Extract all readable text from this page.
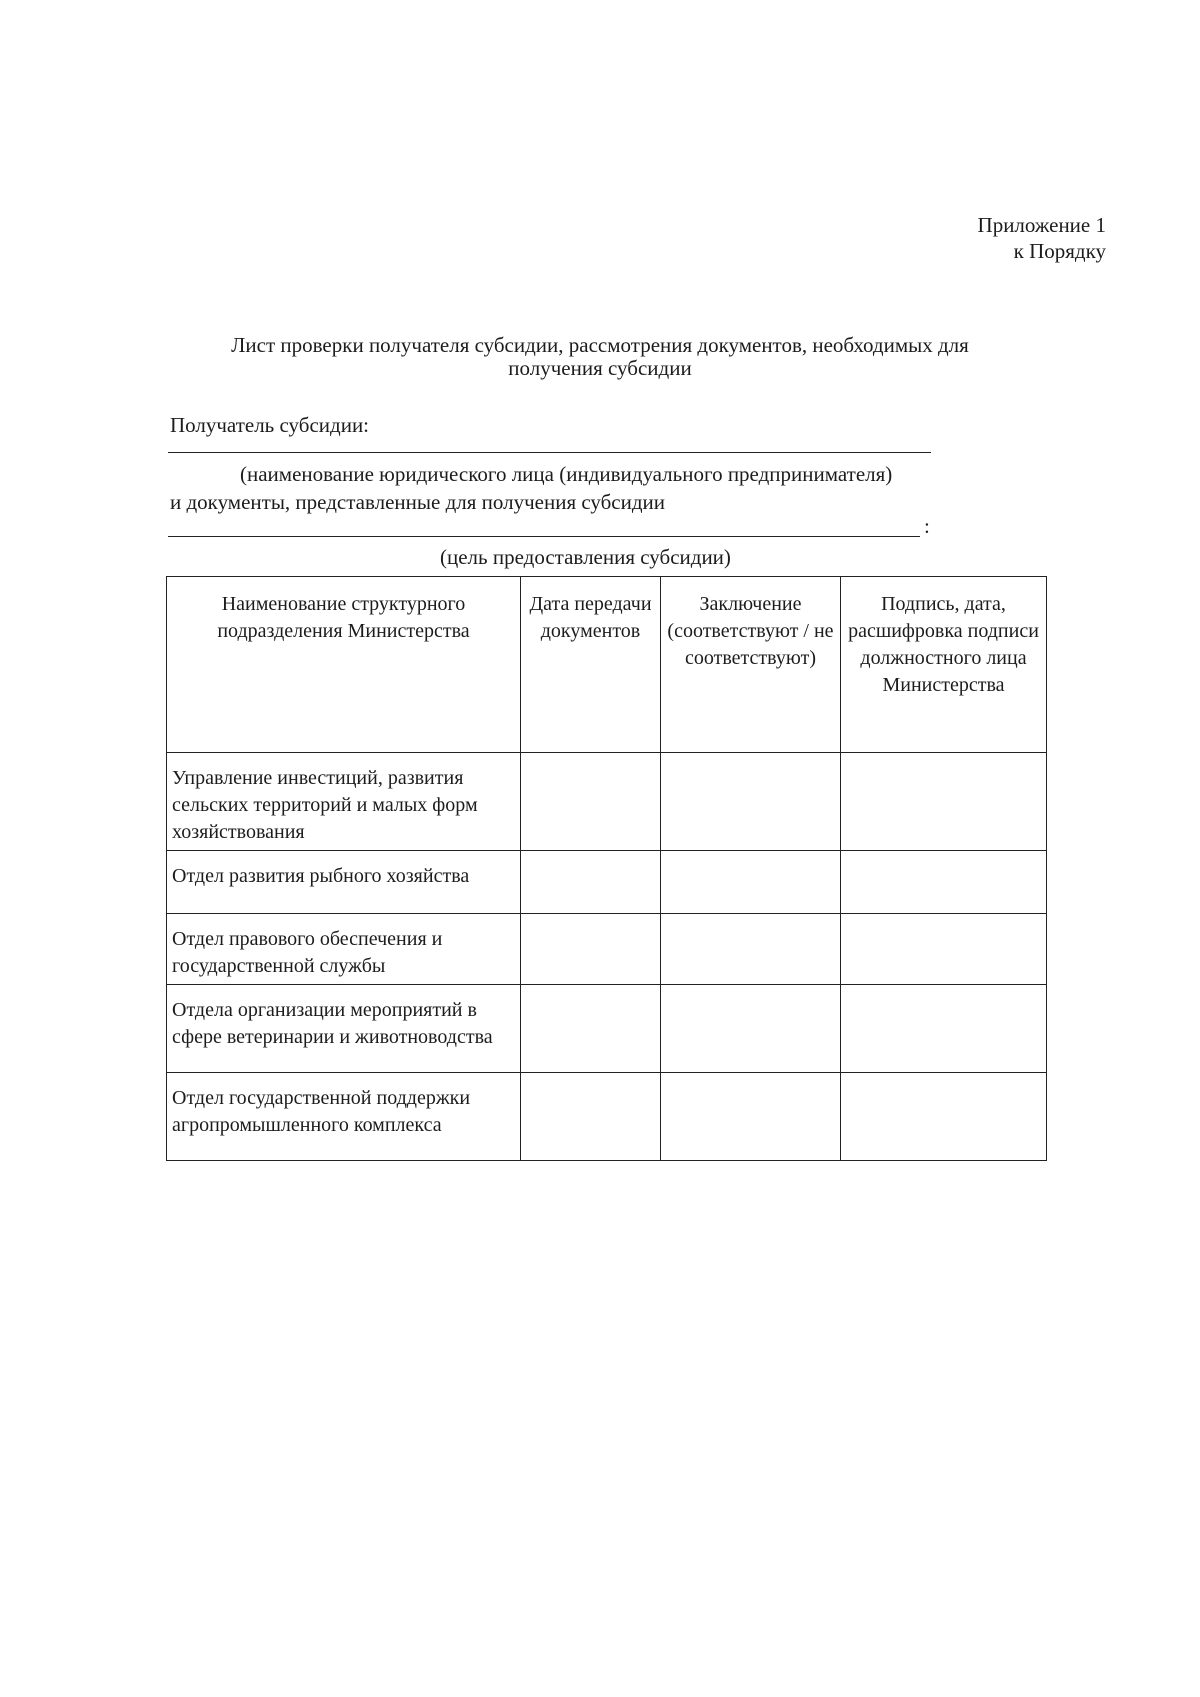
Приложение 1
к Порядку
Лист проверки получателя субсидии, рассмотрения документов, необходимых для
получения субсидии
Получатель субсидии:
(наименование юридического лица (индивидуального предпринимателя)
и документы, представленные для получения субсидии
:
(цель предоставления субсидии)
Наименование структурного подразделения Министерства	Дата передачи документов	Заключение (соответствуют / не соответствуют)	Подпись, дата, расшифровка подписи должностного лица Министерства
Управление инвестиций, развития сельских территорий и малых форм хозяйствования			
Отдел развития рыбного хозяйства			
Отдел правового обеспечения и государственной службы			
Отдела организации мероприятий в сфере ветеринарии и животноводства			
Отдел государственной поддержки агропромышленного комплекса			
